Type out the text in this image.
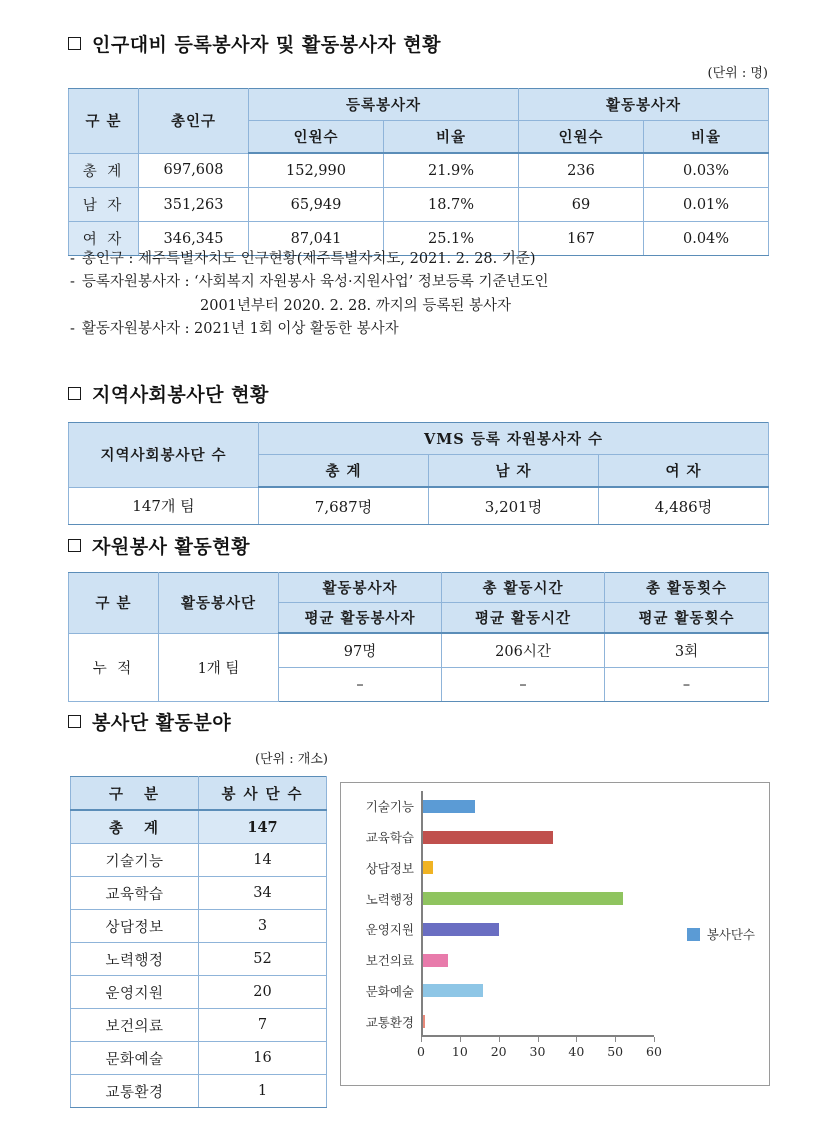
인구대비 등록봉사자 및 활동봉사자 현황
(단위 : 명)
구 분	총인구	등록봉사자		활동봉사자	
		인원수	비율	인원수	비율
총 계	697,608	152,990	21.9%	236	0.03%
남 자	351,263	65,949	18.7%	69	0.01%
여 자	346,345	87,041	25.1%	167	0.04%
- 총인구 : 제주특별자치도 인구현황(제주특별자치도, 2021. 2. 28. 기준)
- 등록자원봉사자 : ‘사회복지 자원봉사 육성·지원사업’ 정보등록 기준년도인
2001년부터 2020. 2. 28. 까지의 등록된 봉사자
- 활동자원봉사자 : 2021년 1회 이상 활동한 봉사자
지역사회봉사단 현황
지역사회봉사단 수	VMS 등록 자원봉사자 수		
	총 계	남 자	여 자
147개 팀	7,687명	3,201명	4,486명
자원봉사 활동현황
구 분	활동봉사단	활동봉사자	총 활동시간	총 활동횟수
		평균 활동봉사자	평균 활동시간	평균 활동횟수
누 적	1개 팀	97명	206시간	3회
		–	–	–
봉사단 활동분야
(단위 : 개소)
구 분	봉사단수
총 계	147
기술기능	14
교육학습	34
상담정보	3
노력행정	52
운영지원	20
보건의료	7
문화예술	16
교통환경	1
기술기능
교육학습
상담정보
노력행정
운영지원
보건의료
문화예술
교통환경
0 10 20 30 40 50 60
봉사단수
